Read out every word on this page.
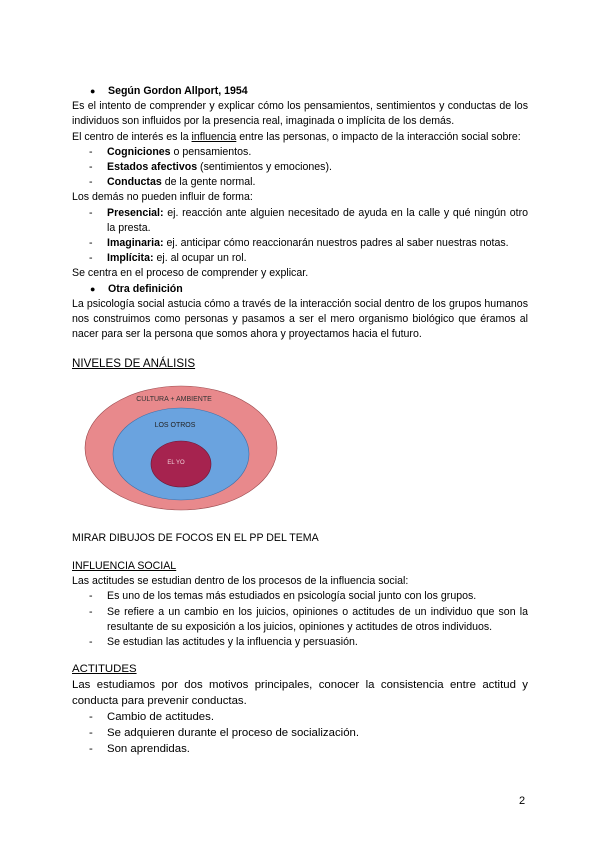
●	Según Gordon Allport, 1954

Es el intento de comprender y explicar cómo los pensamientos, sentimientos y conductas de los individuos son influidos por la presencia real, imaginada o implícita de los demás.

El centro de interés es la influencia entre las personas, o impacto de la interacción social sobre:

-	Cogniciones o pensamientos.
-	Estados afectivos (sentimientos y emociones).
-	Conductas de la gente normal.

Los demás no pueden influir de forma:

-	Presencial: ej. reacción ante alguien necesitado de ayuda en la calle y qué ningún otro la presta.
-	Imaginaria: ej. anticipar cómo reaccionarán nuestros padres al saber nuestras notas.
-	Implícita: ej. al ocupar un rol.

Se centra en el proceso de comprender y explicar.

●	Otra definición

La psicología social astucia cómo a través de la interacción social dentro de los grupos humanos nos construimos como personas y pasamos a ser el mero organismo biológico que éramos al nacer para ser la persona que somos ahora y proyectamos hacia el futuro.

NIVELES DE ANÁLISIS

CULTURA + AMBIENTE
LOS OTROS
EL YO

MIRAR DIBUJOS DE FOCOS EN EL PP DEL TEMA

INFLUENCIA SOCIAL

Las actitudes se estudian dentro de los procesos de la influencia social:

-	Es uno de los temas más estudiados en psicología social junto con los grupos.
-	Se refiere a un cambio en los juicios, opiniones o actitudes de un individuo que son la resultante de su exposición a los juicios, opiniones y actitudes de otros individuos.
-	Se estudian las actitudes y la influencia y persuasión.

ACTITUDES

Las estudiamos por dos motivos principales, conocer la consistencia entre actitud y conducta para prevenir conductas.

-	Cambio de actitudes.
-	Se adquieren durante el proceso de socialización.
-	Son aprendidas.
2
